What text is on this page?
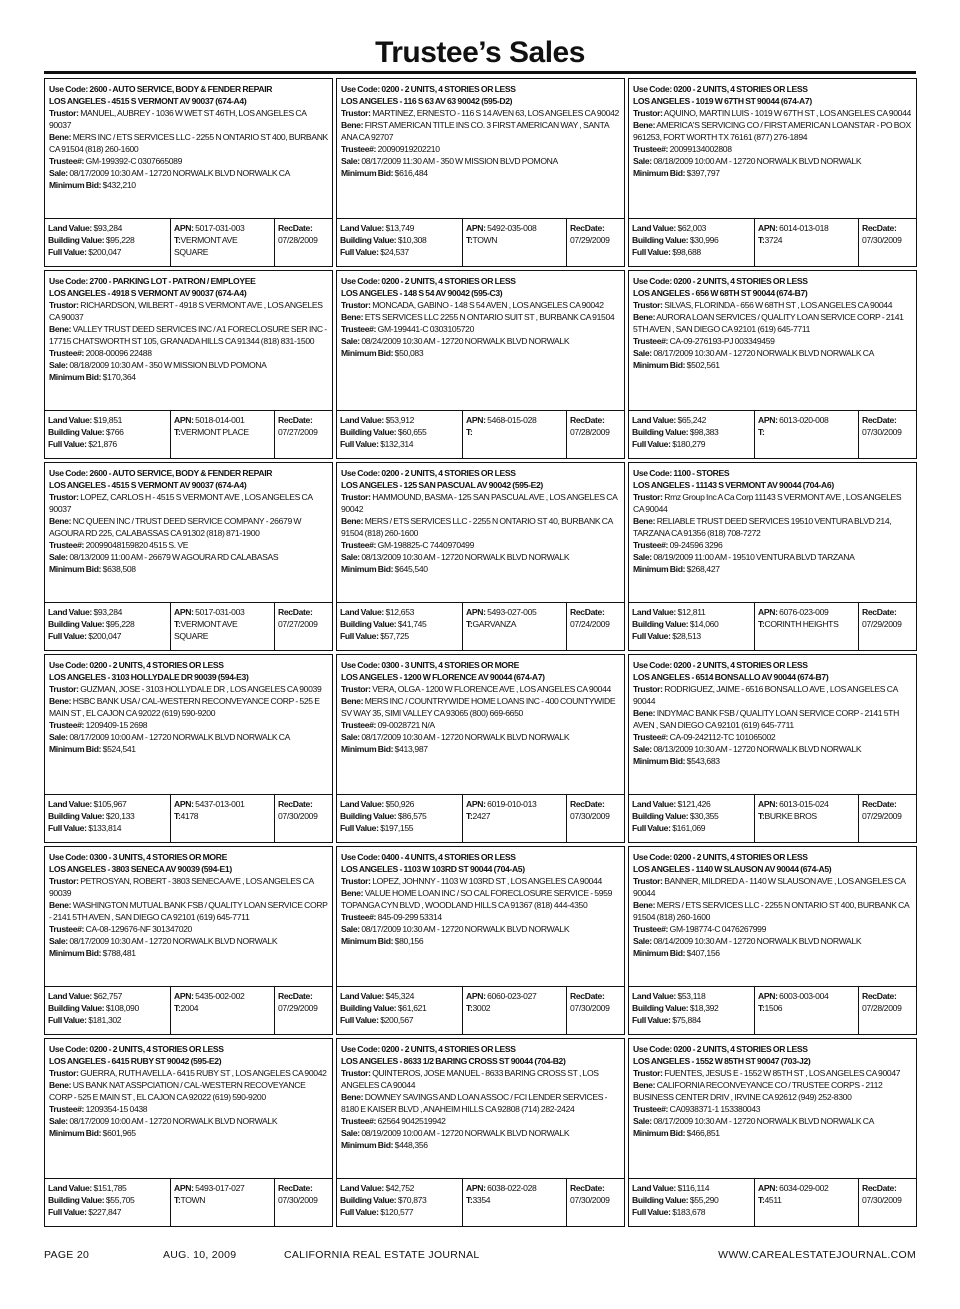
Trustee’s Sales
Use Code: 2600 - AUTO SERVICE, BODY & FENDER REPAIR
LOS ANGELES - 4515 S VERMONT AV 90037 (674-A4)
Trustor: MANUEL, AUBREY - 1036 W WET ST 46TH, LOS ANGELES CA 90037
Bene: MERS INC / ETS SERVICES LLC - 2255 N ONTARIO ST 400, BURBANK CA 91504 (818) 260-1600
Trustee#: GM-199392-C 0307665089
Sale: 08/17/2009 10:30 AM - 12720 NORWALK BLVD NORWALK CA
Minimum Bid: $432,210
Land Value: $93,284
Building Value: $95,228
Full Value: $200,047
APN: 5017-031-003
T:VERMONT AVE SQUARE
RecDate:
07/28/2009
Use Code: 0200 - 2 UNITS, 4 STORIES OR LESS
LOS ANGELES - 116 S 63 AV 63 90042 (595-D2)
Trustor: MARTINEZ, ERNESTO - 116 S 14 AVEN 63, LOS ANGELES CA 90042
Bene: FIRST AMERICAN TITLE INS CO. 3 FIRST AMERICAN WAY , SANTA ANA CA 92707
Trustee#: 20090919202210
Sale: 08/17/2009 11:30 AM - 350 W MISSION BLVD POMONA
Minimum Bid: $616,484
Land Value: $13,749
Building Value: $10,308
Full Value: $24,537
APN: 5492-035-008
T:TOWN
RecDate:
07/29/2009
Use Code: 0200 - 2 UNITS, 4 STORIES OR LESS
LOS ANGELES - 1019 W 67TH ST 90044 (674-A7)
Trustor: AQUINO, MARTIN LUIS - 1019 W 67TH ST , LOS ANGELES CA 90044
Bene: AMERICA'S SERVICING CO / FIRST AMERICAN LOANSTAR - PO BOX 961253, FORT WORTH TX 76161 (877) 276-1894
Trustee#: 20099134002808
Sale: 08/18/2009 10:00 AM - 12720 NORWALK BLVD NORWALK
Minimum Bid: $397,797
Land Value: $62,003
Building Value: $30,996
Full Value: $98,688
APN: 6014-013-018
T:3724
RecDate:
07/30/2009
Use Code: 2700 - PARKING LOT - PATRON / EMPLOYEE
LOS ANGELES - 4918 S VERMONT AV 90037 (674-A4)
Trustor: RICHARDSON, WILBERT - 4918 S VERMONT AVE , LOS ANGELES CA 90037
Bene: VALLEY TRUST DEED SERVICES INC / A1 FORECLOSURE SER INC - 17715 CHATSWORTH ST 105, GRANADA HILLS CA 91344 (818) 831-1500
Trustee#: 2008-00096 22488
Sale: 08/18/2009 10:30 AM - 350 W MISSION BLVD POMONA
Minimum Bid: $170,364
Land Value: $19,851
Building Value: $766
Full Value: $21,876
APN: 5018-014-001
T:VERMONT PLACE
RecDate:
07/27/2009
Use Code: 0200 - 2 UNITS, 4 STORIES OR LESS
LOS ANGELES - 148 S 54 AV 90042 (595-C3)
Trustor: MONCADA, GABINO - 148 S 54 AVEN , LOS ANGELES CA 90042
Bene: ETS SERVICES LLC 2255 N ONTARIO SUIT ST , BURBANK CA 91504
Trustee#: GM-199441-C 0303105720
Sale: 08/24/2009 10:30 AM - 12720 NORWALK BLVD NORWALK
Minimum Bid: $50,083
Land Value: $53,912
Building Value: $60,655
Full Value: $132,314
APN: 5468-015-028
T:
RecDate:
07/28/2009
Use Code: 0200 - 2 UNITS, 4 STORIES OR LESS
LOS ANGELES - 656 W 68TH ST 90044 (674-B7)
Trustor: SILVAS, FLORINDA - 656 W 68TH ST , LOS ANGELES CA 90044
Bene: AURORA LOAN SERVICES / QUALITY LOAN SERVICE CORP - 2141 5TH AVEN , SAN DIEGO CA 92101 (619) 645-7711
Trustee#: CA-09-276193-PJ 003349459
Sale: 08/17/2009 10:30 AM - 12720 NORWALK BLVD NORWALK CA
Minimum Bid: $502,561
Land Value: $65,242
Building Value: $98,383
Full Value: $180,279
APN: 6013-020-008
T:
RecDate:
07/30/2009
Use Code: 2600 - AUTO SERVICE, BODY & FENDER REPAIR
LOS ANGELES - 4515 S VERMONT AV 90037 (674-A4)
Trustor: LOPEZ, CARLOS H - 4515 S VERMONT AVE , LOS ANGELES CA 90037
Bene: NC QUEEN INC / TRUST DEED SERVICE COMPANY - 26679 W AGOURA RD 225, CALABASSAS CA 91302 (818) 871-1900
Trustee#: 20099048159820 4515 S. VE
Sale: 08/13/2009 11:00 AM - 26679 W AGOURA RD CALABASAS
Minimum Bid: $638,508
Land Value: $93,284
Building Value: $95,228
Full Value: $200,047
APN: 5017-031-003
T:VERMONT AVE SQUARE
RecDate:
07/27/2009
Use Code: 0200 - 2 UNITS, 4 STORIES OR LESS
LOS ANGELES - 125 SAN PASCUAL AV 90042 (595-E2)
Trustor: HAMMOUND, BASMA - 125 SAN PASCUAL AVE , LOS ANGELES CA 90042
Bene: MERS / ETS SERVICES LLC - 2255 N ONTARIO ST 40, BURBANK CA 91504 (818) 260-1600
Trustee#: GM-198825-C 7440970499
Sale: 08/13/2009 10:30 AM - 12720 NORWALK BLVD NORWALK
Minimum Bid: $645,540
Land Value: $12,653
Building Value: $41,745
Full Value: $57,725
APN: 5493-027-005
T:GARVANZA
RecDate:
07/24/2009
Use Code: 1100 - STORES
LOS ANGELES - 11143 S VERMONT AV 90044 (704-A6)
Trustor: Rmz Group Inc A Ca Corp 11143 S VERMONT AVE , LOS ANGELES CA 90044
Bene: RELIABLE TRUST DEED SERVICES 19510 VENTURA BLVD 214, TARZANA CA 91356 (818) 708-7272
Trustee#: 09-24596 3296
Sale: 08/19/2009 11:00 AM - 19510 VENTURA BLVD TARZANA
Minimum Bid: $268,427
Land Value: $12,811
Building Value: $14,060
Full Value: $28,513
APN: 6076-023-009
T:CORINTH HEIGHTS
RecDate:
07/29/2009
Use Code: 0200 - 2 UNITS, 4 STORIES OR LESS
LOS ANGELES - 3103 HOLLYDALE DR 90039 (594-E3)
Trustor: GUZMAN, JOSE - 3103 HOLLYDALE DR , LOS ANGELES CA 90039
Bene: HSBC BANK USA / CAL-WESTERN RECONVEYANCE CORP - 525 E MAIN ST , EL CAJON CA 92022 (619) 590-9200
Trustee#: 1209409-15 2698
Sale: 08/17/2009 10:00 AM - 12720 NORWALK BLVD NORWALK CA
Minimum Bid: $524,541
Land Value: $105,967
Building Value: $20,133
Full Value: $133,814
APN: 5437-013-001
T:4178
RecDate:
07/30/2009
Use Code: 0300 - 3 UNITS, 4 STORIES OR MORE
LOS ANGELES - 1200 W FLORENCE AV 90044 (674-A7)
Trustor: VERA, OLGA - 1200 W FLORENCE AVE , LOS ANGELES CA 90044
Bene: MERS INC / COUNTRYWIDE HOME LOANS INC - 400 COUNTYWIDE SV WAY 35, SIMI VALLEY CA 93065 (800) 669-6650
Trustee#: 09-0028721 N/A
Sale: 08/17/2009 10:30 AM - 12720 NORWALK BLVD NORWALK
Minimum Bid: $413,987
Land Value: $50,926
Building Value: $86,575
Full Value: $197,155
APN: 6019-010-013
T:2427
RecDate:
07/30/2009
Use Code: 0200 - 2 UNITS, 4 STORIES OR LESS
LOS ANGELES - 6514 BONSALLO AV 90044 (674-B7)
Trustor: RODRIGUEZ, JAIME - 6516 BONSALLO AVE , LOS ANGELES CA 90044
Bene: INDYMAC BANK FSB / QUALITY LOAN SERVICE CORP - 2141 5TH AVEN , SAN DIEGO CA 92101 (619) 645-7711
Trustee#: CA-09-242112-TC 101065002
Sale: 08/13/2009 10:30 AM - 12720 NORWALK BLVD NORWALK
Minimum Bid: $543,683
Land Value: $121,426
Building Value: $30,355
Full Value: $161,069
APN: 6013-015-024
T:BURKE BROS
RecDate:
07/29/2009
Use Code: 0300 - 3 UNITS, 4 STORIES OR MORE
LOS ANGELES - 3803 SENECA AV 90039 (594-E1)
Trustor: PETROSYAN, ROBERT - 3803 SENECA AVE , LOS ANGELES CA 90039
Bene: WASHINGTON MUTUAL BANK FSB / QUALITY LOAN SERVICE CORP - 2141 5TH AVEN , SAN DIEGO CA 92101 (619) 645-7711
Trustee#: CA-08-129676-NF 301347020
Sale: 08/17/2009 10:30 AM - 12720 NORWALK BLVD NORWALK
Minimum Bid: $788,481
Land Value: $62,757
Building Value: $108,090
Full Value: $181,302
APN: 5435-002-002
T:2004
RecDate:
07/29/2009
Use Code: 0400 - 4 UNITS, 4 STORIES OR LESS
LOS ANGELES - 1103 W 103RD ST 90044 (704-A5)
Trustor: LOPEZ, JOHNNY - 1103 W 103RD ST , LOS ANGELES CA 90044
Bene: VALUE HOME LOAN INC / SO CAL FORECLOSURE SERVICE - 5959 TOPANGA CYN BLVD , WOODLAND HILLS CA 91367 (818) 444-4350
Trustee#: 845-09-299 53314
Sale: 08/17/2009 10:30 AM - 12720 NORWALK BLVD NORWALK
Minimum Bid: $80,156
Land Value: $45,324
Building Value: $61,621
Full Value: $200,567
APN: 6060-023-027
T:3002
RecDate:
07/30/2009
Use Code: 0200 - 2 UNITS, 4 STORIES OR LESS
LOS ANGELES - 1140 W SLAUSON AV 90044 (674-A5)
Trustor: BANNER, MILDRED A - 1140 W SLAUSON AVE , LOS ANGELES CA 90044
Bene: MERS / ETS SERVICES LLC - 2255 N ONTARIO ST 400, BURBANK CA 91504 (818) 260-1600
Trustee#: GM-198774-C 0476267999
Sale: 08/14/2009 10:30 AM - 12720 NORWALK BLVD NORWALK
Minimum Bid: $407,156
Land Value: $53,118
Building Value: $18,392
Full Value: $75,884
APN: 6003-003-004
T:1506
RecDate:
07/28/2009
Use Code: 0200 - 2 UNITS, 4 STORIES OR LESS
LOS ANGELES - 6415 RUBY ST 90042 (595-E2)
Trustor: GUERRA, RUTH AVELLA - 6415 RUBY ST , LOS ANGELES CA 90042
Bene: US BANK NAT ASSPCIATION / CAL-WESTERN RECOVEYANCE CORP - 525 E MAIN ST , EL CAJON CA 92022 (619) 590-9200
Trustee#: 1209354-15 0438
Sale: 08/17/2009 10:00 AM - 12720 NORWALK BLVD NORWALK
Minimum Bid: $601,965
Land Value: $151,785
Building Value: $55,705
Full Value: $227,847
APN: 5493-017-027
T:TOWN
RecDate:
07/30/2009
Use Code: 0200 - 2 UNITS, 4 STORIES OR LESS
LOS ANGELES - 8633 1/2 BARING CROSS ST 90044 (704-B2)
Trustor: QUINTEROS, JOSE MANUEL - 8633 BARING CROSS ST , LOS ANGELES CA 90044
Bene: DOWNEY SAVINGS AND LOAN ASSOC / FCI LENDER SERVICES - 8180 E KAISER BLVD , ANAHEIM HILLS CA 92808 (714) 282-2424
Trustee#: 62564 9042519942
Sale: 08/19/2009 10:00 AM - 12720 NORWALK BLVD NORWALK
Minimum Bid: $448,356
Land Value: $42,752
Building Value: $70,873
Full Value: $120,577
APN: 6038-022-028
T:3354
RecDate:
07/30/2009
Use Code: 0200 - 2 UNITS, 4 STORIES OR LESS
LOS ANGELES - 1552 W 85TH ST 90047 (703-J2)
Trustor: FUENTES, JESUS E - 1552 W 85TH ST , LOS ANGELES CA 90047
Bene: CALIFORNIA RECONVEYANCE CO / TRUSTEE CORPS - 2112 BUSINESS CENTER DRIV , IRVINE CA 92612 (949) 252-8300
Trustee#: CA0938371-1 153380043
Sale: 08/17/2009 10:30 AM - 12720 NORWALK BLVD NORWALK CA
Minimum Bid: $466,851
Land Value: $116,114
Building Value: $55,290
Full Value: $183,678
APN: 6034-029-002
T:4511
RecDate:
07/30/2009
PAGE 20	AUG. 10, 2009	CALIFORNIA REAL ESTATE JOURNAL	WWW.CAREALESTATEJOURNAL.COM
